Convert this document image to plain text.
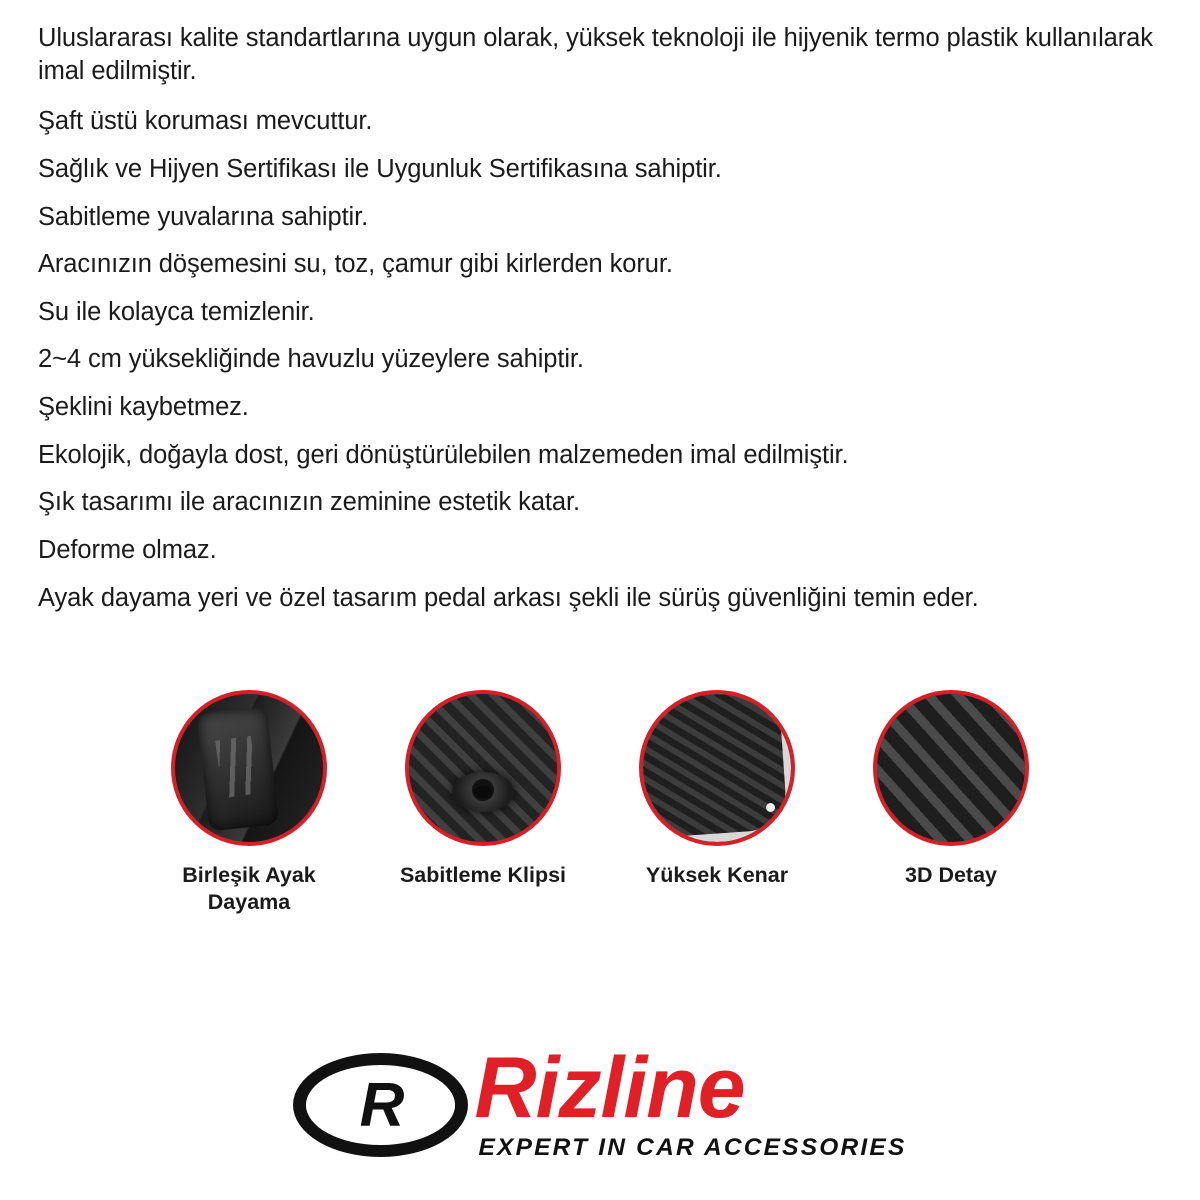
Uluslararası kalite standartlarına uygun olarak, yüksek teknoloji ile hijyenik termo plastik kullanılarak imal edilmiştir.
Şaft üstü koruması mevcuttur.
Sağlık ve Hijyen Sertifikası ile Uygunluk Sertifikasına sahiptir.
Sabitleme yuvalarına sahiptir.
Aracınızın döşemesini su, toz, çamur gibi kirlerden korur.
Su ile kolayca temizlenir.
2~4 cm yüksekliğinde havuzlu yüzeylere sahiptir.
Şeklini kaybetmez.
Ekolojik, doğayla dost, geri dönüştürülebilen malzemeden imal edilmiştir.
Şık tasarımı ile aracınızın zeminine estetik katar.
Deforme olmaz.
Ayak dayama yeri ve özel tasarım pedal arkası şekli ile sürüş güvenliğini temin eder.
Birleşik Ayak Dayama
Sabitleme Klipsi	Yüksek Kenar	3D Detay
R Rizline
EXPERT IN CAR ACCESSORIES
